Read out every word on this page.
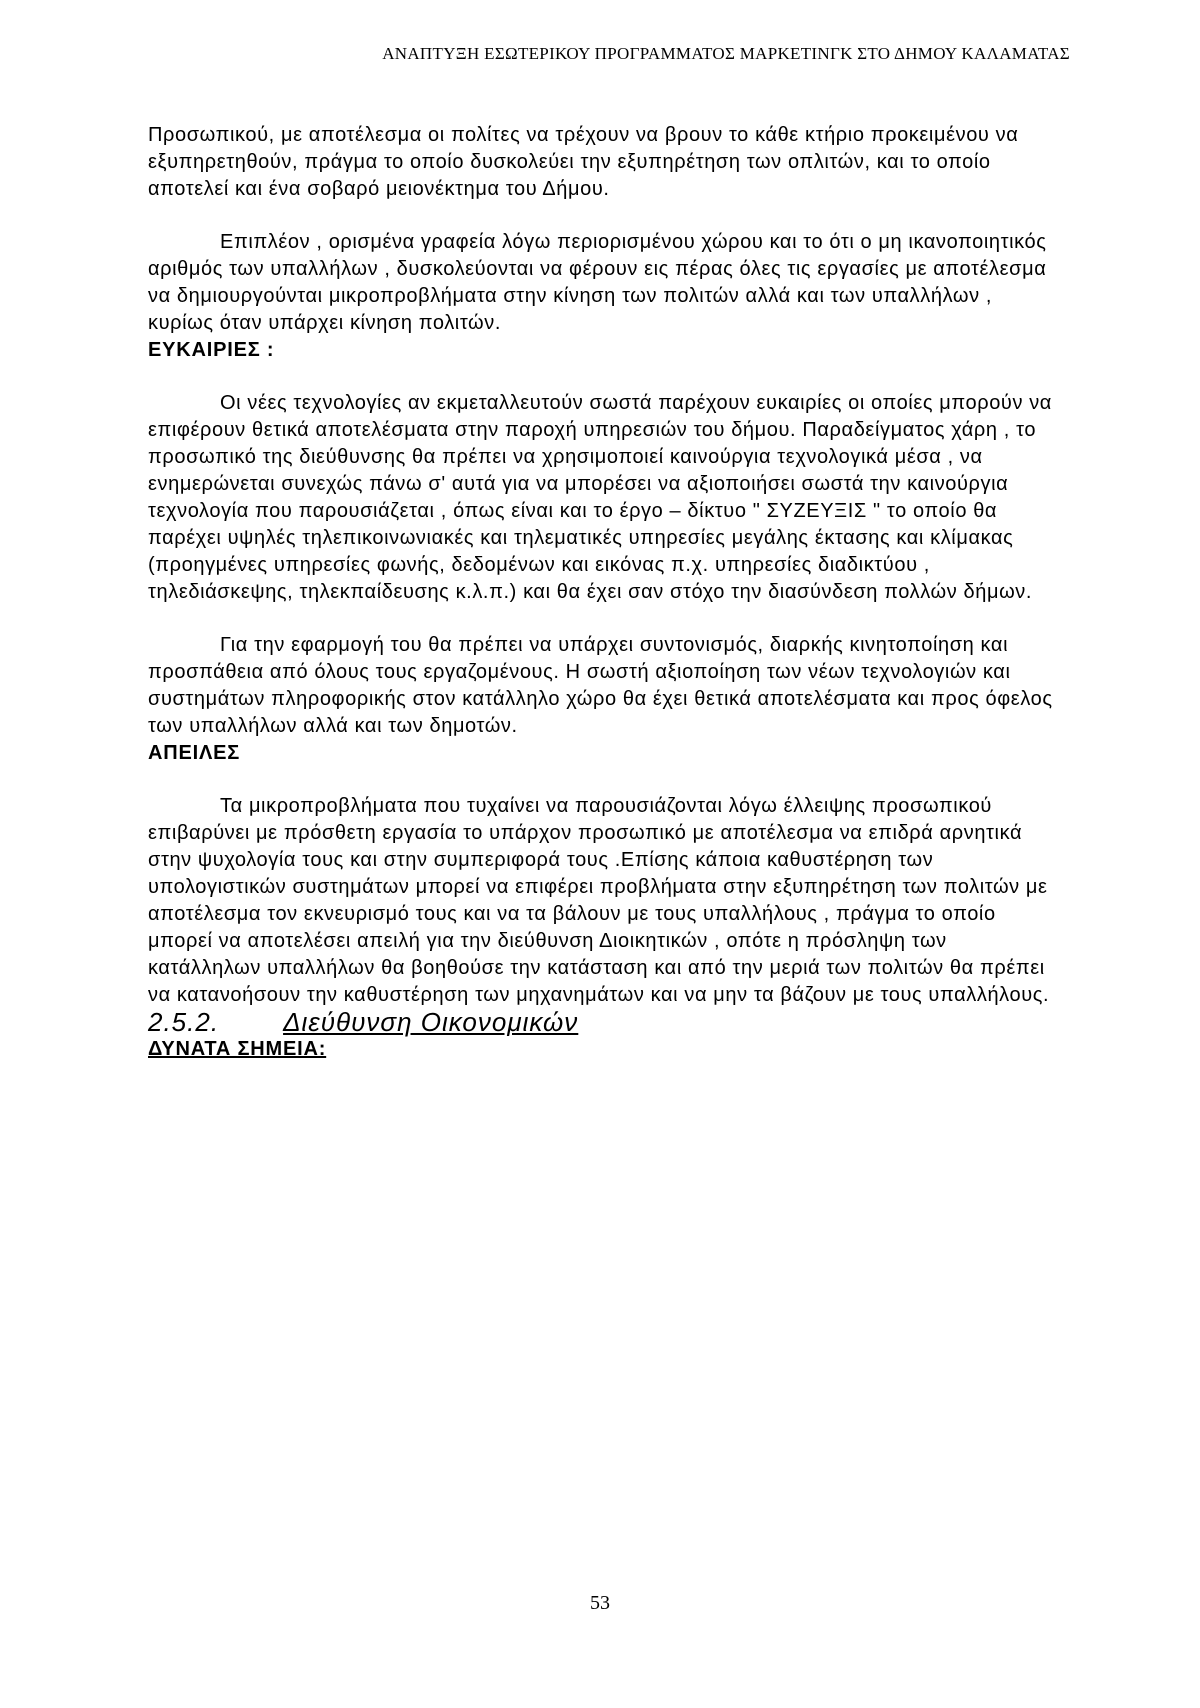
ΑΝΑΠΤΥΞΗ ΕΣΩΤΕΡΙΚΟΥ ΠΡΟΓΡΑΜΜΑΤΟΣ ΜΑΡΚΕΤΙΝΓΚ ΣΤΟ ΔΗΜΟΥ ΚΑΛΑΜΑΤΑΣ

Προσωπικού, με αποτέλεσμα οι πολίτες να τρέχουν να βρουν το κάθε κτήριο προκειμένου να εξυπηρετηθούν, πράγμα το οποίο δυσκολεύει την εξυπηρέτηση των οπλιτών, και το οποίο αποτελεί και ένα σοβαρό μειονέκτημα του Δήμου.

Επιπλέον , ορισμένα γραφεία λόγω περιορισμένου χώρου και το ότι ο μη ικανοποιητικός αριθμός των υπαλλήλων , δυσκολεύονται να φέρουν εις πέρας όλες τις εργασίες με αποτέλεσμα να δημιουργούνται μικροπροβλήματα στην κίνηση των πολιτών αλλά και των υπαλλήλων , κυρίως όταν υπάρχει κίνηση πολιτών.

ΕΥΚΑΙΡΙΕΣ :

Οι νέες τεχνολογίες αν εκμεταλλευτούν σωστά παρέχουν ευκαιρίες οι οποίες μπορούν να επιφέρουν θετικά αποτελέσματα στην παροχή υπηρεσιών του δήμου. Παραδείγματος χάρη , το προσωπικό της διεύθυνσης θα πρέπει να χρησιμοποιεί καινούργια τεχνολογικά μέσα , να ενημερώνεται συνεχώς πάνω σ' αυτά για να μπορέσει να αξιοποιήσει σωστά την καινούργια τεχνολογία που παρουσιάζεται , όπως είναι και το έργο – δίκτυο " ΣΥΖΕΥΞΙΣ " το οποίο θα παρέχει υψηλές τηλεπικοινωνιακές και τηλεματικές υπηρεσίες μεγάλης έκτασης και κλίμακας (προηγμένες υπηρεσίες φωνής, δεδομένων και εικόνας π.χ. υπηρεσίες διαδικτύου , τηλεδιάσκεψης, τηλεκπαίδευσης κ.λ.π.) και θα έχει σαν στόχο την διασύνδεση πολλών δήμων.

Για την εφαρμογή του θα πρέπει να υπάρχει συντονισμός, διαρκής κινητοποίηση και προσπάθεια από όλους τους εργαζομένους. Η σωστή αξιοποίηση των νέων τεχνολογιών και συστημάτων πληροφορικής στον κατάλληλο χώρο θα έχει θετικά αποτελέσματα και προς όφελος των υπαλλήλων αλλά και των δημοτών.

ΑΠΕΙΛΕΣ

Τα μικροπροβλήματα που τυχαίνει να παρουσιάζονται λόγω έλλειψης προσωπικού επιβαρύνει με πρόσθετη εργασία το υπάρχον προσωπικό με αποτέλεσμα να επιδρά αρνητικά στην ψυχολογία τους και στην συμπεριφορά τους .Επίσης κάποια καθυστέρηση των υπολογιστικών συστημάτων μπορεί να επιφέρει προβλήματα στην εξυπηρέτηση των πολιτών με αποτέλεσμα τον εκνευρισμό τους και να τα βάλουν με τους υπαλλήλους , πράγμα το οποίο μπορεί να αποτελέσει απειλή για την διεύθυνση Διοικητικών , οπότε η πρόσληψη των κατάλληλων υπαλλήλων θα βοηθούσε την κατάσταση και από την μεριά των πολιτών θα πρέπει να κατανοήσουν την καθυστέρηση των μηχανημάτων και να μην τα βάζουν με τους υπαλλήλους.

2.5.2. Διεύθυνση Οικονομικών

ΔΥΝΑΤΑ ΣΗΜΕΙΑ:

53
